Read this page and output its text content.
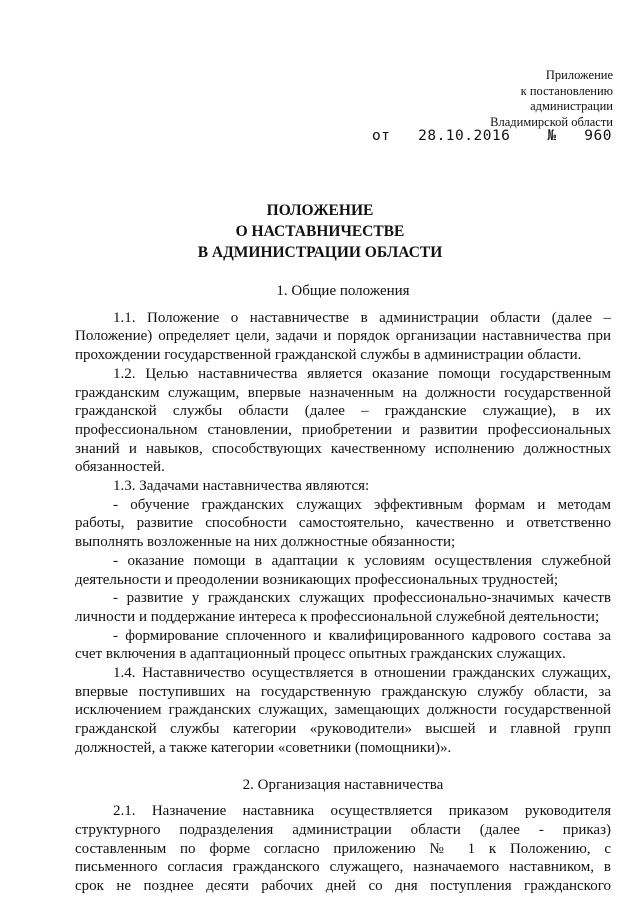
Приложение
к постановлению
администрации
Владимирской области
от 28.10.2016	№ 960
ПОЛОЖЕНИЕ
О НАСТАВНИЧЕСТВЕ
В АДМИНИСТРАЦИИ ОБЛАСТИ
1. Общие положения
1.1. Положение о наставничестве в администрации области (далее –
Положение) определяет цели, задачи и порядок организации наставничества при
прохождении государственной гражданской службы в администрации области.
1.2. Целью наставничества является оказание помощи государственным
гражданским служащим, впервые назначенным на должности государственной
гражданской службы области (далее – гражданские служащие), в их
профессиональном становлении, приобретении и развитии профессиональных
знаний и навыков, способствующих качественному исполнению должностных
обязанностей.
1.3. Задачами наставничества являются:
- обучение гражданских служащих эффективным формам и методам
работы, развитие способности самостоятельно, качественно и ответственно
выполнять возложенные на них должностные обязанности;
- оказание помощи в адаптации к условиям осуществления служебной
деятельности и преодолении возникающих профессиональных трудностей;
- развитие у гражданских служащих профессионально-значимых качеств
личности и поддержание интереса к профессиональной служебной деятельности;
- формирование сплоченного и квалифицированного кадрового состава за
счет включения в адаптационный процесс опытных гражданских служащих.
1.4. Наставничество осуществляется в отношении гражданских служащих,
впервые поступивших на государственную гражданскую службу области, за
исключением гражданских служащих, замещающих должности государственной
гражданской службы категории «руководители» высшей и главной групп
должностей, а также категории «советники (помощники)».
2. Организация наставничества
2.1. Назначение наставника осуществляется приказом руководителя
структурного подразделения администрации области (далее - приказ)
составленным по форме согласно приложению № 1 к Положению, с
письменного согласия гражданского служащего, назначаемого наставником, в
срок не позднее десяти рабочих дней со дня поступления гражданского
